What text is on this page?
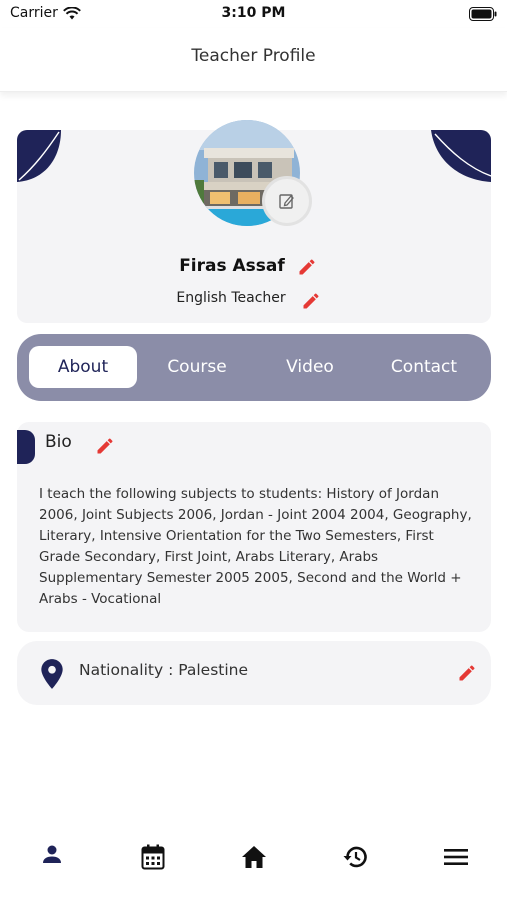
Carrier	3:10 PM
Teacher Profile
Firas Assaf
English Teacher
About	Course	Video	Contact
Bio
I teach the following subjects to students: History of Jordan 2006, Joint Subjects 2006, Jordan - Joint 2004 2004, Geography, Literary, Intensive Orientation for the Two Semesters, First Grade Secondary, First Joint, Arabs Literary, Arabs Supplementary Semester 2005 2005, Second and the World + Arabs - Vocational
Nationality : Palestine
